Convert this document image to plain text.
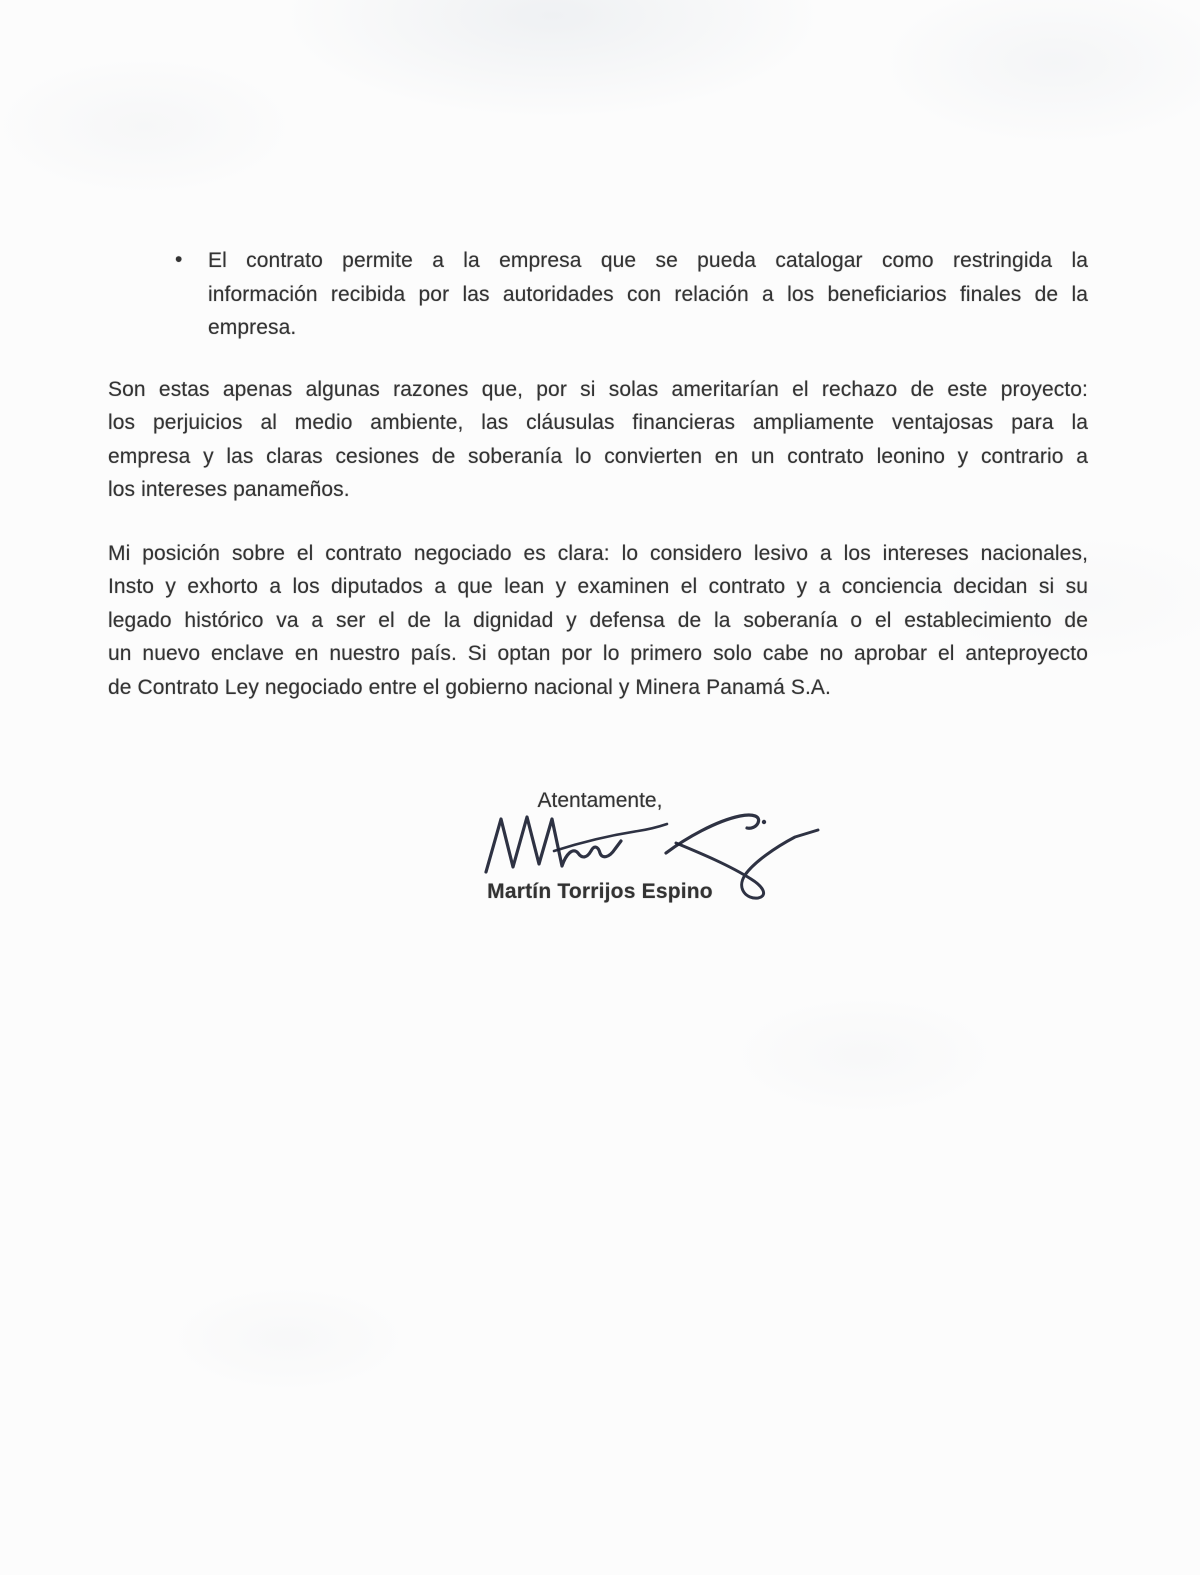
• El contrato permite a la empresa que se pueda catalogar como restringida la
información recibida por las autoridades con relación a los beneficiarios finales de la
empresa.
Son estas apenas algunas razones que, por si solas ameritarían el rechazo de este proyecto:
los perjuicios al medio ambiente, las cláusulas financieras ampliamente ventajosas para la
empresa y las claras cesiones de soberanía lo convierten en un contrato leonino y contrario a
los intereses panameños.
Mi posición sobre el contrato negociado es clara: lo considero lesivo a los intereses nacionales,
Insto y exhorto a los diputados a que lean y examinen el contrato y a conciencia decidan si su
legado histórico va a ser el de la dignidad y defensa de la soberanía o el establecimiento de
un nuevo enclave en nuestro país. Si optan por lo primero solo cabe no aprobar el anteproyecto
de Contrato Ley negociado entre el gobierno nacional y Minera Panamá S.A.
Atentamente,
Martín Torrijos Espino
